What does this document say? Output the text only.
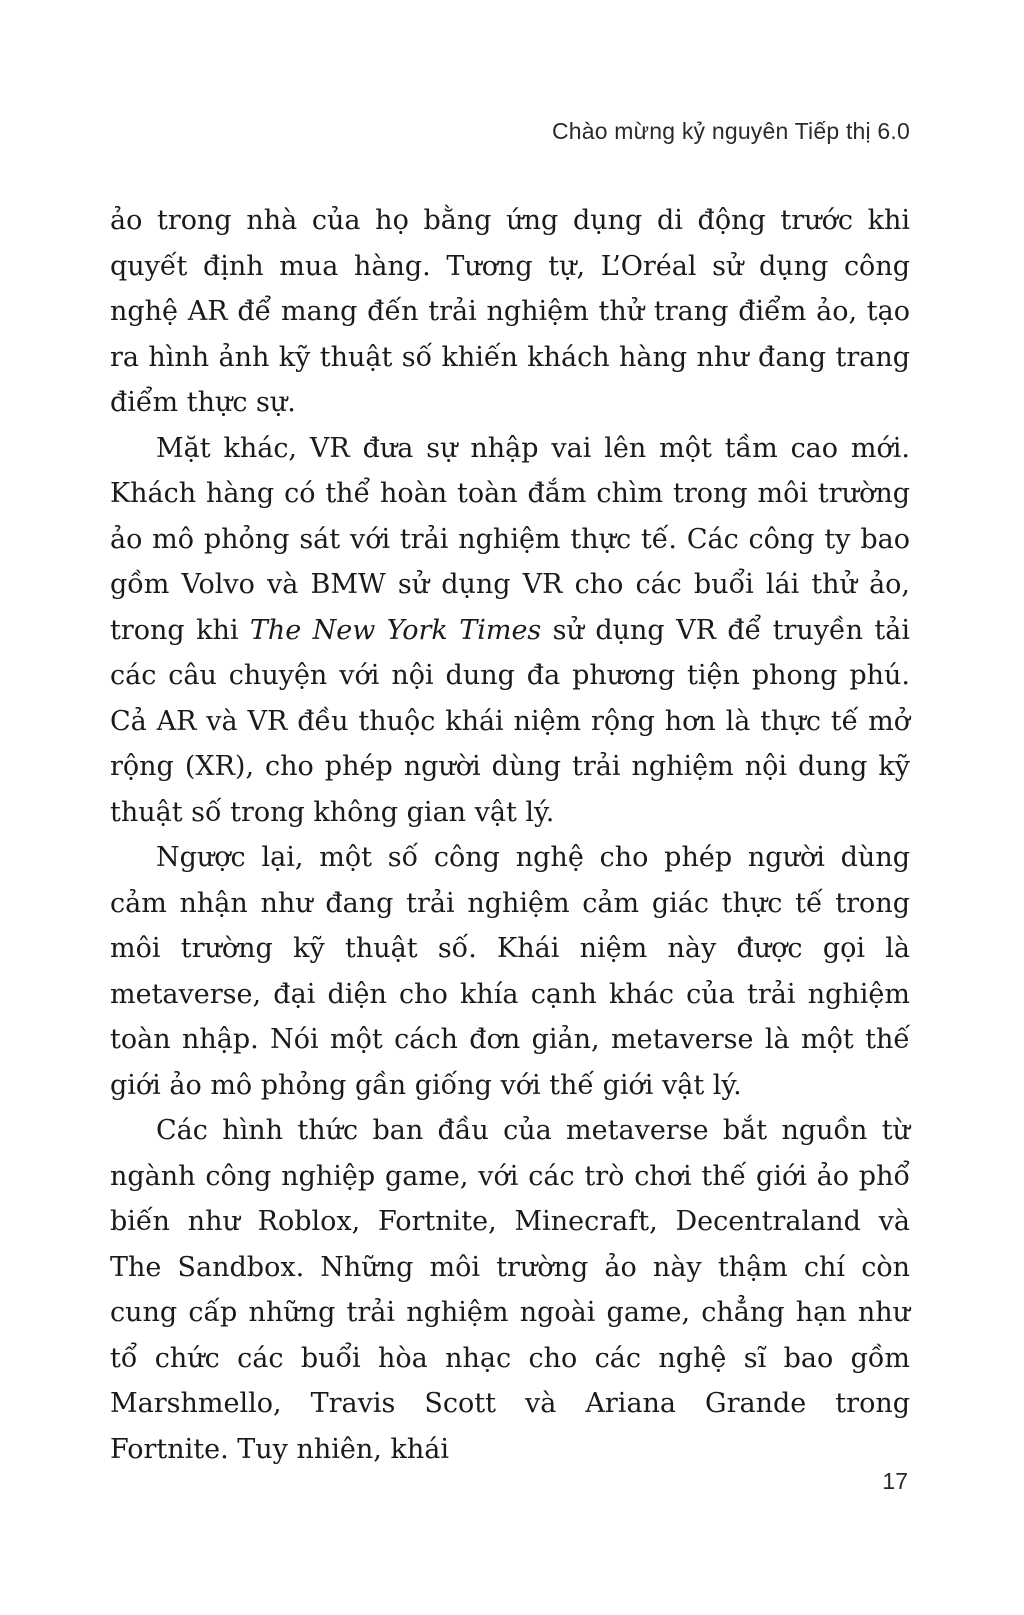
Chào mừng kỷ nguyên Tiếp thị 6.0

ảo trong nhà của họ bằng ứng dụng di động trước khi quyết định mua hàng. Tương tự, L’Oréal sử dụng công nghệ AR để mang đến trải nghiệm thử trang điểm ảo, tạo ra hình ảnh kỹ thuật số khiến khách hàng như đang trang điểm thực sự.

Mặt khác, VR đưa sự nhập vai lên một tầm cao mới. Khách hàng có thể hoàn toàn đắm chìm trong môi trường ảo mô phỏng sát với trải nghiệm thực tế. Các công ty bao gồm Volvo và BMW sử dụng VR cho các buổi lái thử ảo, trong khi The New York Times sử dụng VR để truyền tải các câu chuyện với nội dung đa phương tiện phong phú. Cả AR và VR đều thuộc khái niệm rộng hơn là thực tế mở rộng (XR), cho phép người dùng trải nghiệm nội dung kỹ thuật số trong không gian vật lý.

Ngược lại, một số công nghệ cho phép người dùng cảm nhận như đang trải nghiệm cảm giác thực tế trong môi trường kỹ thuật số. Khái niệm này được gọi là metaverse, đại diện cho khía cạnh khác của trải nghiệm toàn nhập. Nói một cách đơn giản, metaverse là một thế giới ảo mô phỏng gần giống với thế giới vật lý.

Các hình thức ban đầu của metaverse bắt nguồn từ ngành công nghiệp game, với các trò chơi thế giới ảo phổ biến như Roblox, Fortnite, Minecraft, Decentraland và The Sandbox. Những môi trường ảo này thậm chí còn cung cấp những trải nghiệm ngoài game, chẳng hạn như tổ chức các buổi hòa nhạc cho các nghệ sĩ bao gồm Marshmello, Travis Scott và Ariana Grande trong Fortnite. Tuy nhiên, khái

17
